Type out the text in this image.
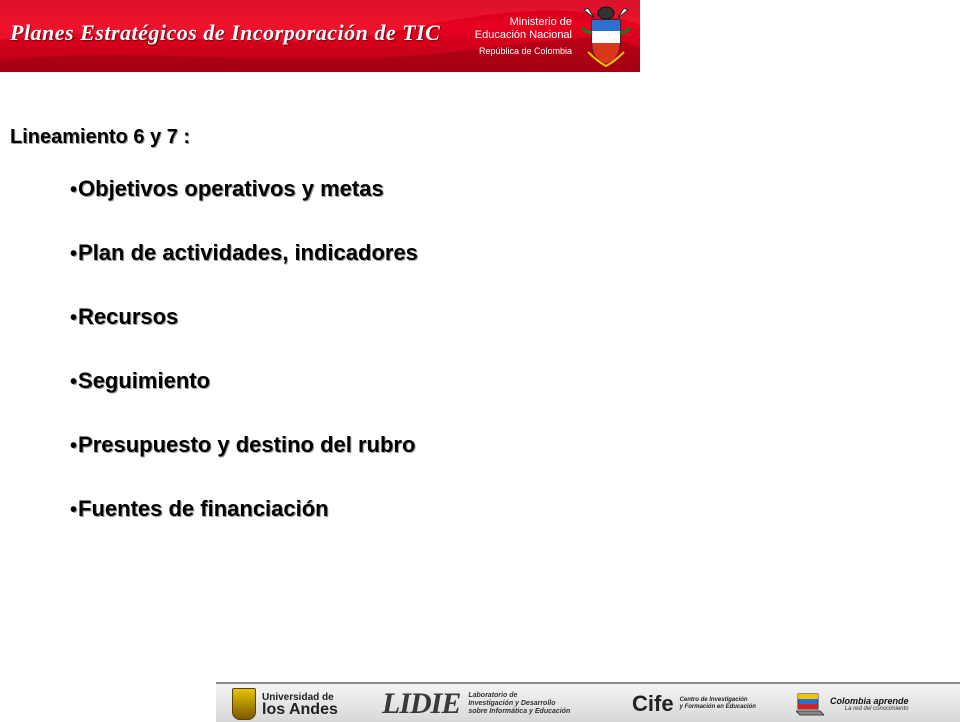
Planes Estratégicos de Incorporación de TIC	Ministerio de
Educación Nacional
República de Colombia
Lineamiento 6 y 7 :
•Objetivos operativos y metas
•Plan de actividades, indicadores
•Recursos
•Seguimiento
•Presupuesto y destino del rubro
•Fuentes de financiación
Universidad de
los Andes LIDIE Laboratorio de
Investigación y Desarrollo
sobre Informática y Educación	Cife Centro de Investigación
y Formación en Educación
Colombia aprende
La red del conocimiento
